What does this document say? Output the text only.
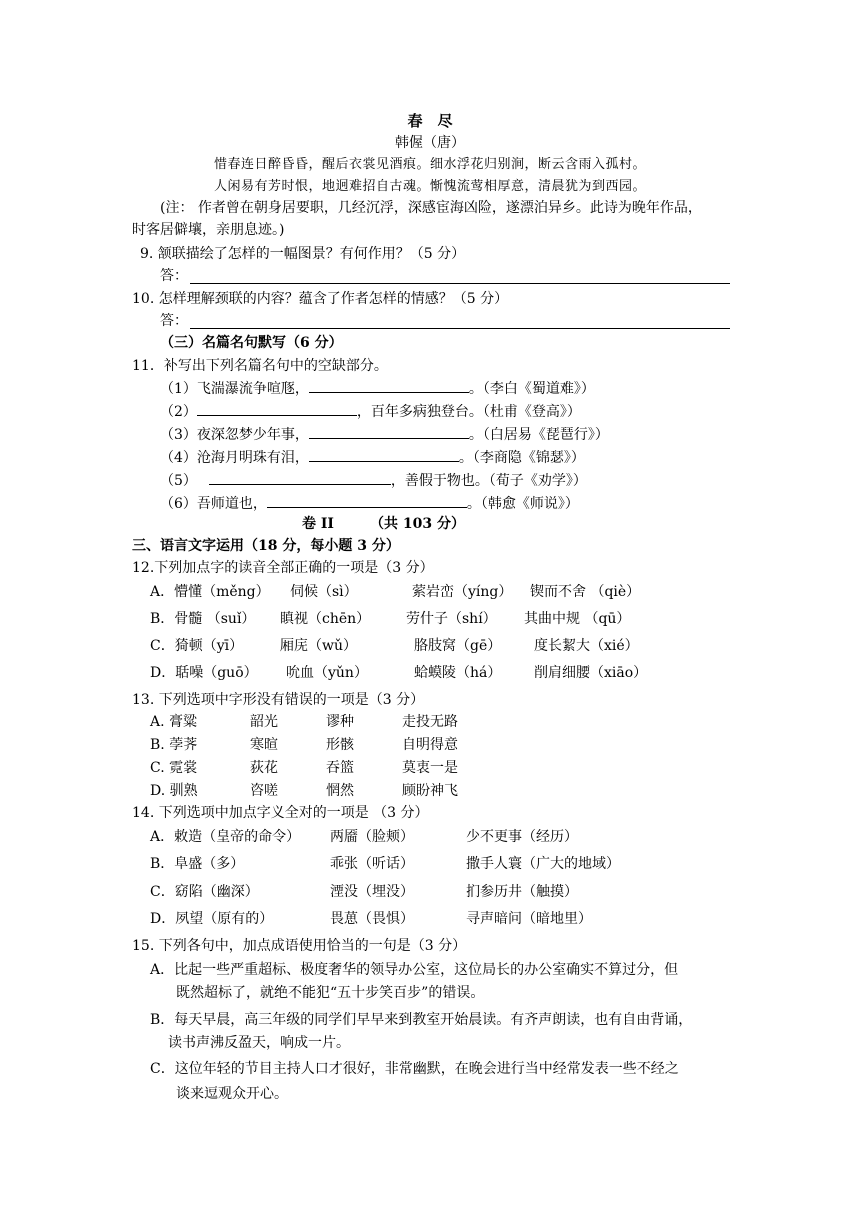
春　尽
韩偓（唐）
惜春连日醉昏昏，醒后衣裳见酒痕。细水浮花归别涧，断云含雨入孤村。
人闲易有芳时恨，地迥难招自古魂。惭愧流莺相厚意，清晨犹为到西园。
(注： 作者曾在朝身居要职，几经沉浮，深感宦海凶险，遂漂泊异乡。此诗为晚年作品，
时客居僻壤，亲朋息迹。)
9. 颔联描绘了怎样的一幅图景？有何作用？（5 分）
答：
10. 怎样理解颈联的内容？蕴含了作者怎样的情感？（5 分）
答：
（三）名篇名句默写（6 分）
11．补写出下列名篇名句中的空缺部分。
（1）飞湍瀑流争喧豗，	。（李白《蜀道难》）
（2）	，百年多病独登台。（杜甫《登高》）
（3）夜深忽梦少年事，	。（白居易《琵琶行》）
（4）沧海月明珠有泪，	。（李商隐《锦瑟》）
（5）	，善假于物也。（荀子《劝学》）
（6）吾师道也，	。（韩愈《师说》）
卷 II	（共 103 分）
三、语言文字运用（18 分，每小题 3 分）
12.下列加点字的读音全部正确的一项是（3 分）
A．懵懂（měng） 伺候（sì）	萦岩峦（yíng） 锲而不舍 （qiè）
B．骨髓 （suǐ） 瞋视（chēn）	劳什子（shí） 其曲中规 （qū）
C．猗顿（yī）	厢庑（wǔ）	胳肢窝（gē） 度长絜大（xié）
D．聒噪（guō） 吮血（yǔn）	蛤蟆陵（há） 削肩细腰（xiāo）
13. 下列选项中字形没有错误的一项是（3 分）
A. 膏粱	韶光	谬种	走投无路
B. 荸荠	寒暄	形骸	自明得意
C. 霓裳	荻花	吞篮	莫衷一是
D. 驯熟	咨嗟	惘然	顾盼神飞
14. 下列选项中加点字义全对的一项是 （3 分）
A．敕造（皇帝的命令） 两靥（脸颊）	少不更事（经历）
B．阜盛（多）	乖张（听话）	撒手人寰（广大的地域）
C．窈陷（幽深）	湮没（埋没）	扪参历井（触摸）
D．夙望（原有的）	畏葸（畏惧）	寻声暗问（暗地里）
15. 下列各句中，加点成语使用恰当的一句是（3 分）
A．比起一些严重超标、极度奢华的领导办公室，这位局长的办公室确实不算过分，但
既然超标了，就绝不能犯“五十步笑百步”的错误。
B．每天早晨，高三年级的同学们早早来到教室开始晨读。有齐声朗读，也有自由背诵，
读书声沸反盈天，响成一片。
C．这位年轻的节目主持人口才很好，非常幽默，在晚会进行当中经常发表一些不经之
谈来逗观众开心。
